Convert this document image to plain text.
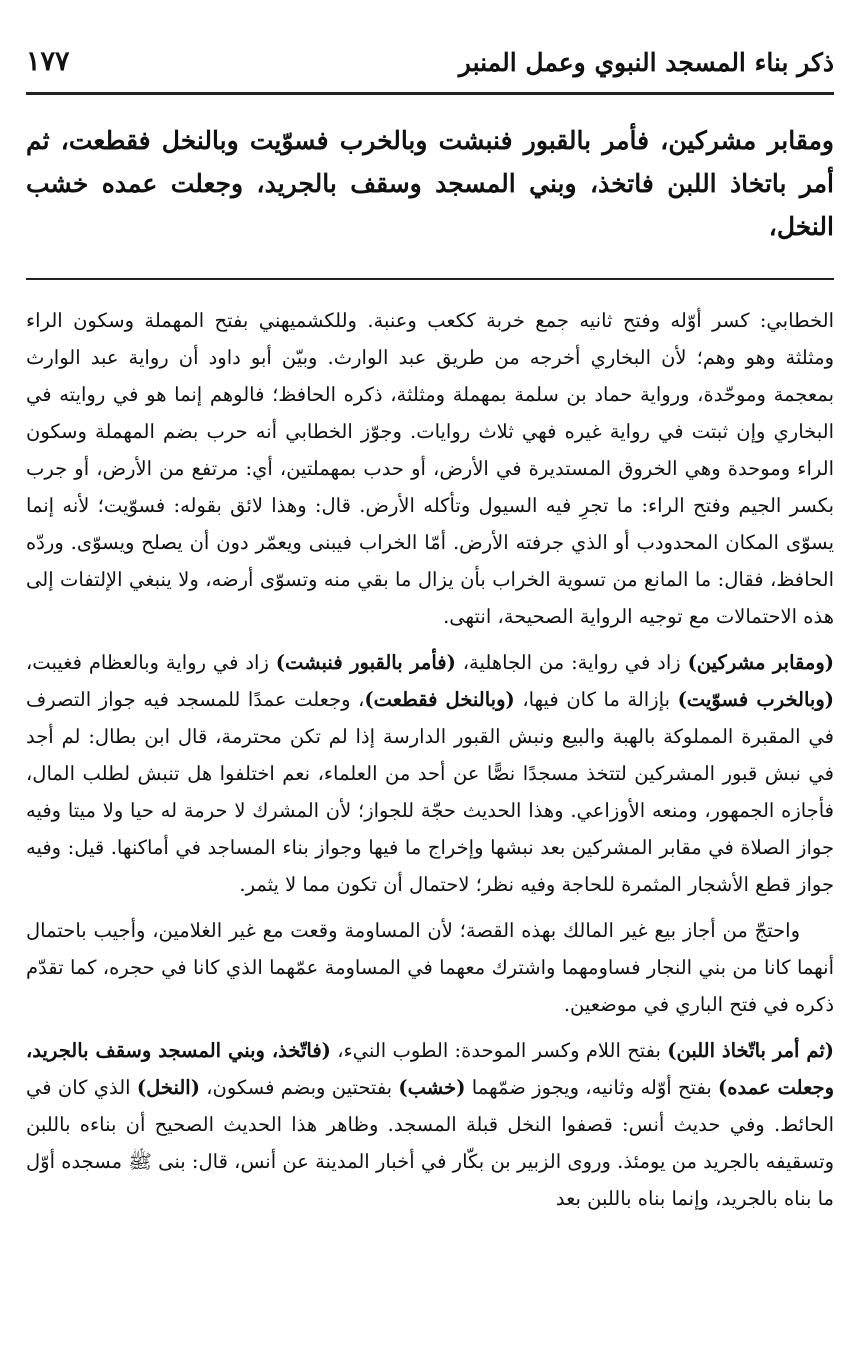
ذكر بناء المسجد النبوي وعمل المنبر
١٧٧
ومقابر مشركين، فأمر بالقبور فنبشت وبالخرب فسوّيت وبالنخل فقطعت، ثم أمر باتخاذ اللبن فاتخذ، وبني المسجد وسقف بالجريد، وجعلت عمده خشب النخل،

الخطابي: كسر أوّله وفتح ثانيه جمع خربة ككعب وعنبة. وللكشميهني بفتح المهملة وسكون الراء ومثلثة وهو وهم؛ لأن البخاري أخرجه من طريق عبد الوارث. وبيّن أبو داود أن رواية عبد الوارث بمعجمة وموحّدة، ورواية حماد بن سلمة بمهملة ومثلثة، ذكره الحافظ؛ فالوهم إنما هو في روايته في البخاري وإن ثبتت في رواية غيره فهي ثلاث روايات. وجوّز الخطابي أنه حرب بضم المهملة وسكون الراء وموحدة وهي الخروق المستديرة في الأرض، أو حدب بمهملتين، أي: مرتفع من الأرض، أو جرب بكسر الجيم وفتح الراء: ما تجرِ فيه السيول وتأكله الأرض. قال: وهذا لائق بقوله: فسوّيت؛ لأنه إنما يسوّى المكان المحدودب أو الذي جرفته الأرض. أمّا الخراب فيبنى ويعمّر دون أن يصلح ويسوّى. وردّه الحافظ، فقال: ما المانع من تسوية الخراب بأن يزال ما بقي منه وتسوّى أرضه، ولا ينبغي الإلتفات إلى هذه الاحتمالات مع توجيه الرواية الصحيحة، انتهى.

(ومقابر مشركين) زاد في رواية: من الجاهلية، (فأمر بالقبور فنبشت) زاد في رواية وبالعظام فغيبت، (وبالخرب فسوّيت) بإزالة ما كان فيها، (وبالنخل فقطعت)، وجعلت عمدًا للمسجد فيه جواز التصرف في المقبرة المملوكة بالهبة والبيع ونبش القبور الدارسة إذا لم تكن محترمة، قال ابن بطال: لم أجد في نبش قبور المشركين لتتخذ مسجدًا نصًّا عن أحد من العلماء، نعم اختلفوا هل تنبش لطلب المال، فأجازه الجمهور، ومنعه الأوزاعي. وهذا الحديث حجّة للجواز؛ لأن المشرك لا حرمة له حيا ولا ميتا وفيه جواز الصلاة في مقابر المشركين بعد نبشها وإخراج ما فيها وجواز بناء المساجد في أماكنها. قيل: وفيه جواز قطع الأشجار المثمرة للحاجة وفيه نظر؛ لاحتمال أن تكون مما لا يثمر.

واحتجّ من أجاز بيع غير المالك بهذه القصة؛ لأن المساومة وقعت مع غير الغلامين، وأجيب باحتمال أنهما كانا من بني النجار فساومهما واشترك معهما في المساومة عمّهما الذي كانا في حجره، كما تقدّم ذكره في فتح الباري في موضعين.

(ثم أمر باتّخاذ اللبن) بفتح اللام وكسر الموحدة: الطوب النيء، (فاتّخذ، وبني المسجد وسقف بالجريد، وجعلت عمده) بفتح أوّله وثانيه، ويجوز ضمّهما (خشب) بفتحتين وبضم فسكون، (النخل) الذي كان في الحائط. وفي حديث أنس: قصفوا النخل قبلة المسجد. وظاهر هذا الحديث الصحيح أن بناءه باللبن وتسقيفه بالجريد من يومئذ. وروى الزبير بن بكّار في أخبار المدينة عن أنس، قال: بنى ﷺ مسجده أوّل ما بناه بالجريد، وإنما بناه باللبن بعد
